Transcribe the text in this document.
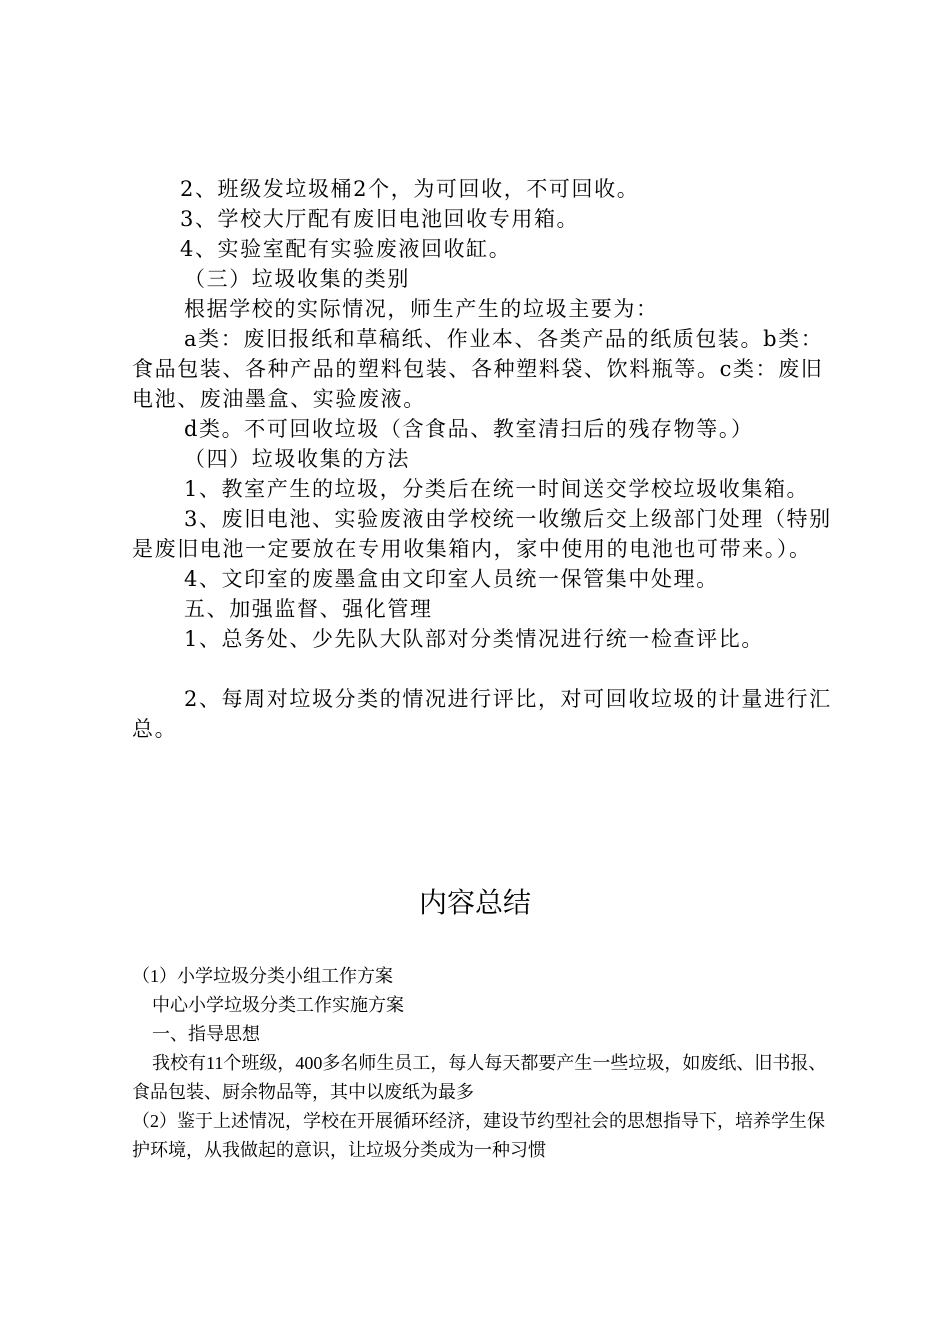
2、班级发垃圾桶2个，为可回收，不可回收。

3、学校大厅配有废旧电池回收专用箱。

4、实验室配有实验废液回收缸。

（三）垃圾收集的类别

根据学校的实际情况，师生产生的垃圾主要为：

a类：废旧报纸和草稿纸、作业本、各类产品的纸质包装。b类：食品包装、各种产品的塑料包装、各种塑料袋、饮料瓶等。c类：废旧电池、废油墨盒、实验废液。

d类。不可回收垃圾（含食品、教室清扫后的残存物等。）

（四）垃圾收集的方法

1、教室产生的垃圾，分类后在统一时间送交学校垃圾收集箱。

3、废旧电池、实验废液由学校统一收缴后交上级部门处理（特别是废旧电池一定要放在专用收集箱内，家中使用的电池也可带来。）。

4、文印室的废墨盒由文印室人员统一保管集中处理。

五、加强监督、强化管理

1、总务处、少先队大队部对分类情况进行统一检查评比。

2、每周对垃圾分类的情况进行评比，对可回收垃圾的计量进行汇总。

内容总结

（1）小学垃圾分类小组工作方案

中心小学垃圾分类工作实施方案

一、指导思想

我校有11个班级，400多名师生员工，每人每天都要产生一些垃圾，如废纸、旧书报、食品包装、厨余物品等，其中以废纸为最多

（2）鉴于上述情况，学校在开展循环经济，建设节约型社会的思想指导下，培养学生保护环境，从我做起的意识，让垃圾分类成为一种习惯
